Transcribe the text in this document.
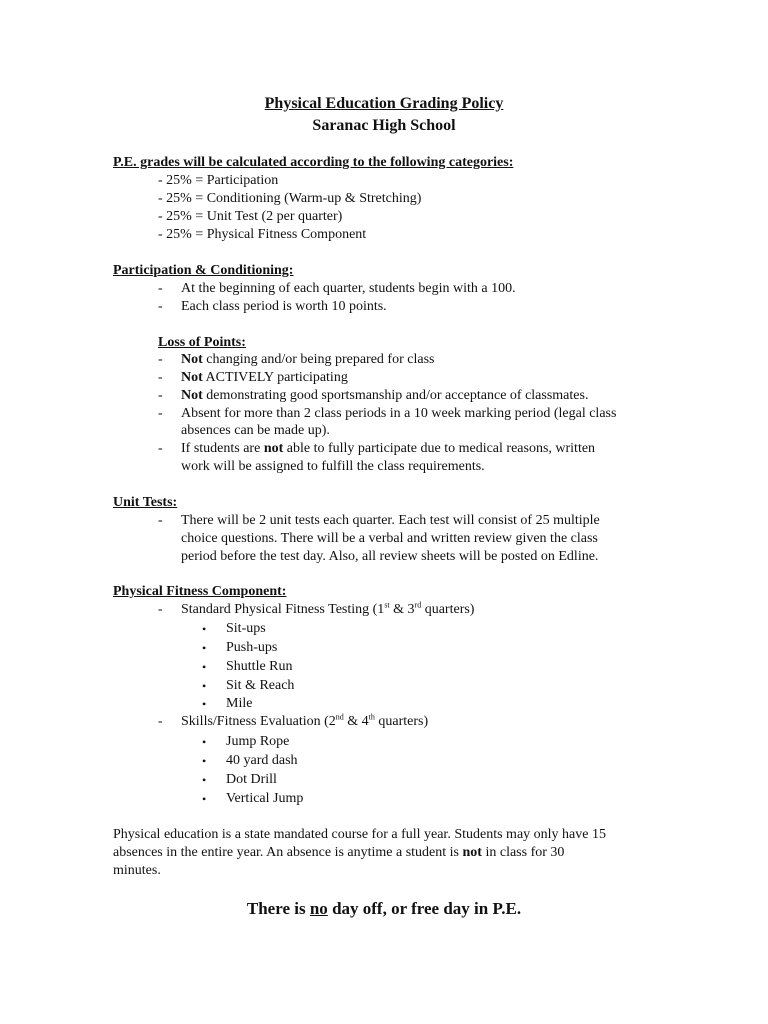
Physical Education Grading Policy
Saranac High School
P.E. grades will be calculated according to the following categories:
- 25% = Participation
- 25% = Conditioning (Warm-up & Stretching)
- 25% = Unit Test (2 per quarter)
- 25% = Physical Fitness Component
Participation & Conditioning:
- At the beginning of each quarter, students begin with a 100.
- Each class period is worth 10 points.
Loss of Points:
- Not changing and/or being prepared for class
- Not ACTIVELY participating
- Not demonstrating good sportsmanship and/or acceptance of classmates.
- Absent for more than 2 class periods in a 10 week marking period (legal class
absences can be made up).
- If students are not able to fully participate due to medical reasons, written
work will be assigned to fulfill the class requirements.
Unit Tests:
- There will be 2 unit tests each quarter. Each test will consist of 25 multiple
choice questions. There will be a verbal and written review given the class
period before the test day. Also, all review sheets will be posted on Edline.
Physical Fitness Component:
- Standard Physical Fitness Testing (1st & 3rd quarters)
• Sit-ups
• Push-ups
• Shuttle Run
• Sit & Reach
• Mile
- Skills/Fitness Evaluation (2nd & 4th quarters)
• Jump Rope
• 40 yard dash
• Dot Drill
• Vertical Jump
Physical education is a state mandated course for a full year. Students may only have 15
absences in the entire year. An absence is anytime a student is not in class for 30
minutes.
There is no day off, or free day in P.E.
